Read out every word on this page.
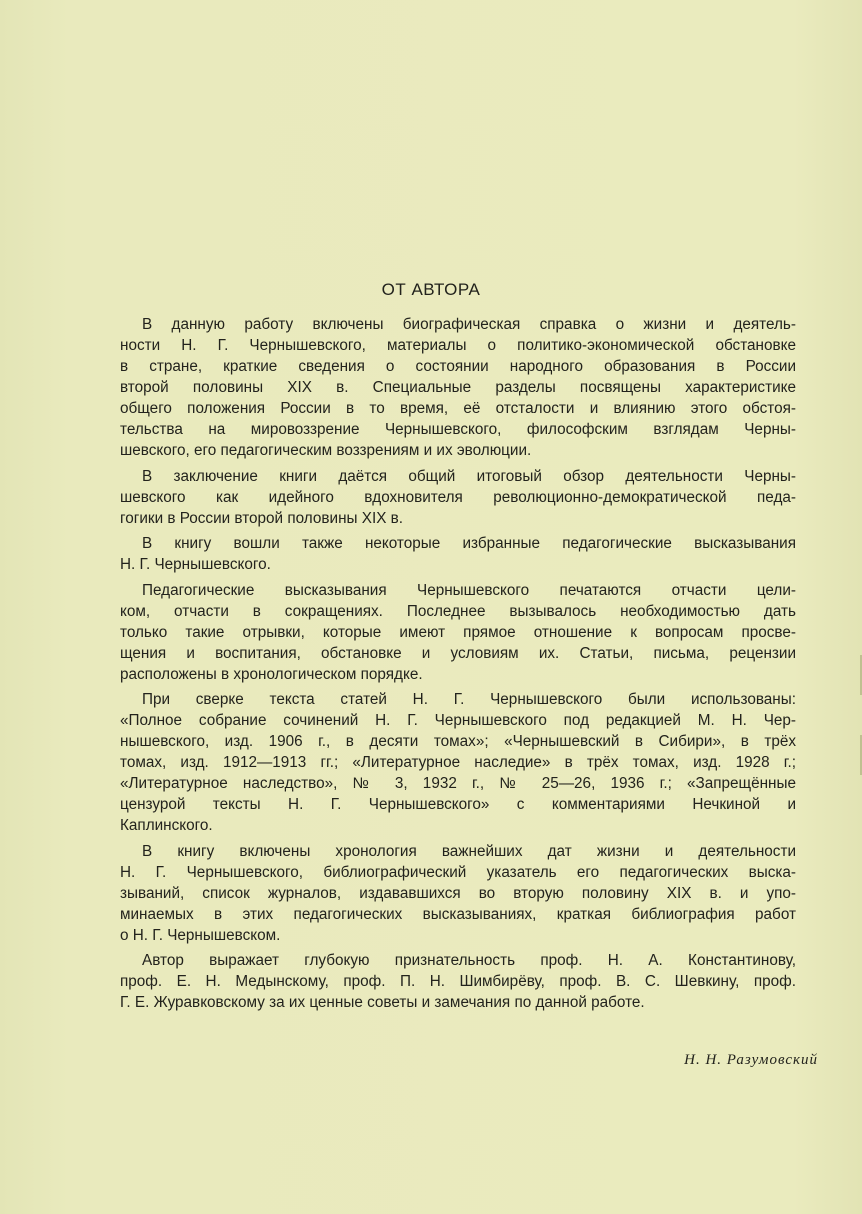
ОТ АВТОРА
В данную работу включены биографическая справка о жизни и деятель-
ности Н. Г. Чернышевского, материалы о политико-экономической обстановке
в стране, краткие сведения о состоянии народного образования в России
второй половины XIX в. Специальные разделы посвящены характеристике
общего положения России в то время, её отсталости и влиянию этого обстоя-
тельства на мировоззрение Чернышевского, философским взглядам Черны-
шевского, его педагогическим воззрениям и их эволюции.
В заключение книги даётся общий итоговый обзор деятельности Черны-
шевского как идейного вдохновителя революционно-демократической педа-
гогики в России второй половины XIX в.
В книгу вошли также некоторые избранные педагогические высказывания
Н. Г. Чернышевского.
Педагогические высказывания Чернышевского печатаются отчасти цели-
ком, отчасти в сокращениях. Последнее вызывалось необходимостью дать
только такие отрывки, которые имеют прямое отношение к вопросам просве-
щения и воспитания, обстановке и условиям их. Статьи, письма, рецензии
расположены в хронологическом порядке.
При сверке текста статей Н. Г. Чернышевского были использованы:
«Полное собрание сочинений Н. Г. Чернышевского под редакцией М. Н. Чер-
нышевского, изд. 1906 г., в десяти томах»; «Чернышевский в Сибири», в трёх
томах, изд. 1912—1913 гг.; «Литературное наследие» в трёх томах, изд. 1928 г.;
«Литературное наследство», № 3, 1932 г., № 25—26, 1936 г.; «Запрещённые
цензурой тексты Н. Г. Чернышевского» с комментариями Нечкиной и
Каплинского.
В книгу включены хронология важнейших дат жизни и деятельности
Н. Г. Чернышевского, библиографический указатель его педагогических выска-
зываний, список журналов, издававшихся во вторую половину XIX в. и упо-
минаемых в этих педагогических высказываниях, краткая библиография работ
о Н. Г. Чернышевском.
Автор выражает глубокую признательность проф. Н. А. Константинову,
проф. Е. Н. Медынскому, проф. П. Н. Шимбирёву, проф. В. С. Шевкину, проф.
Г. Е. Журавковскому за их ценные советы и замечания по данной работе.
Н. Н. Разумовский
